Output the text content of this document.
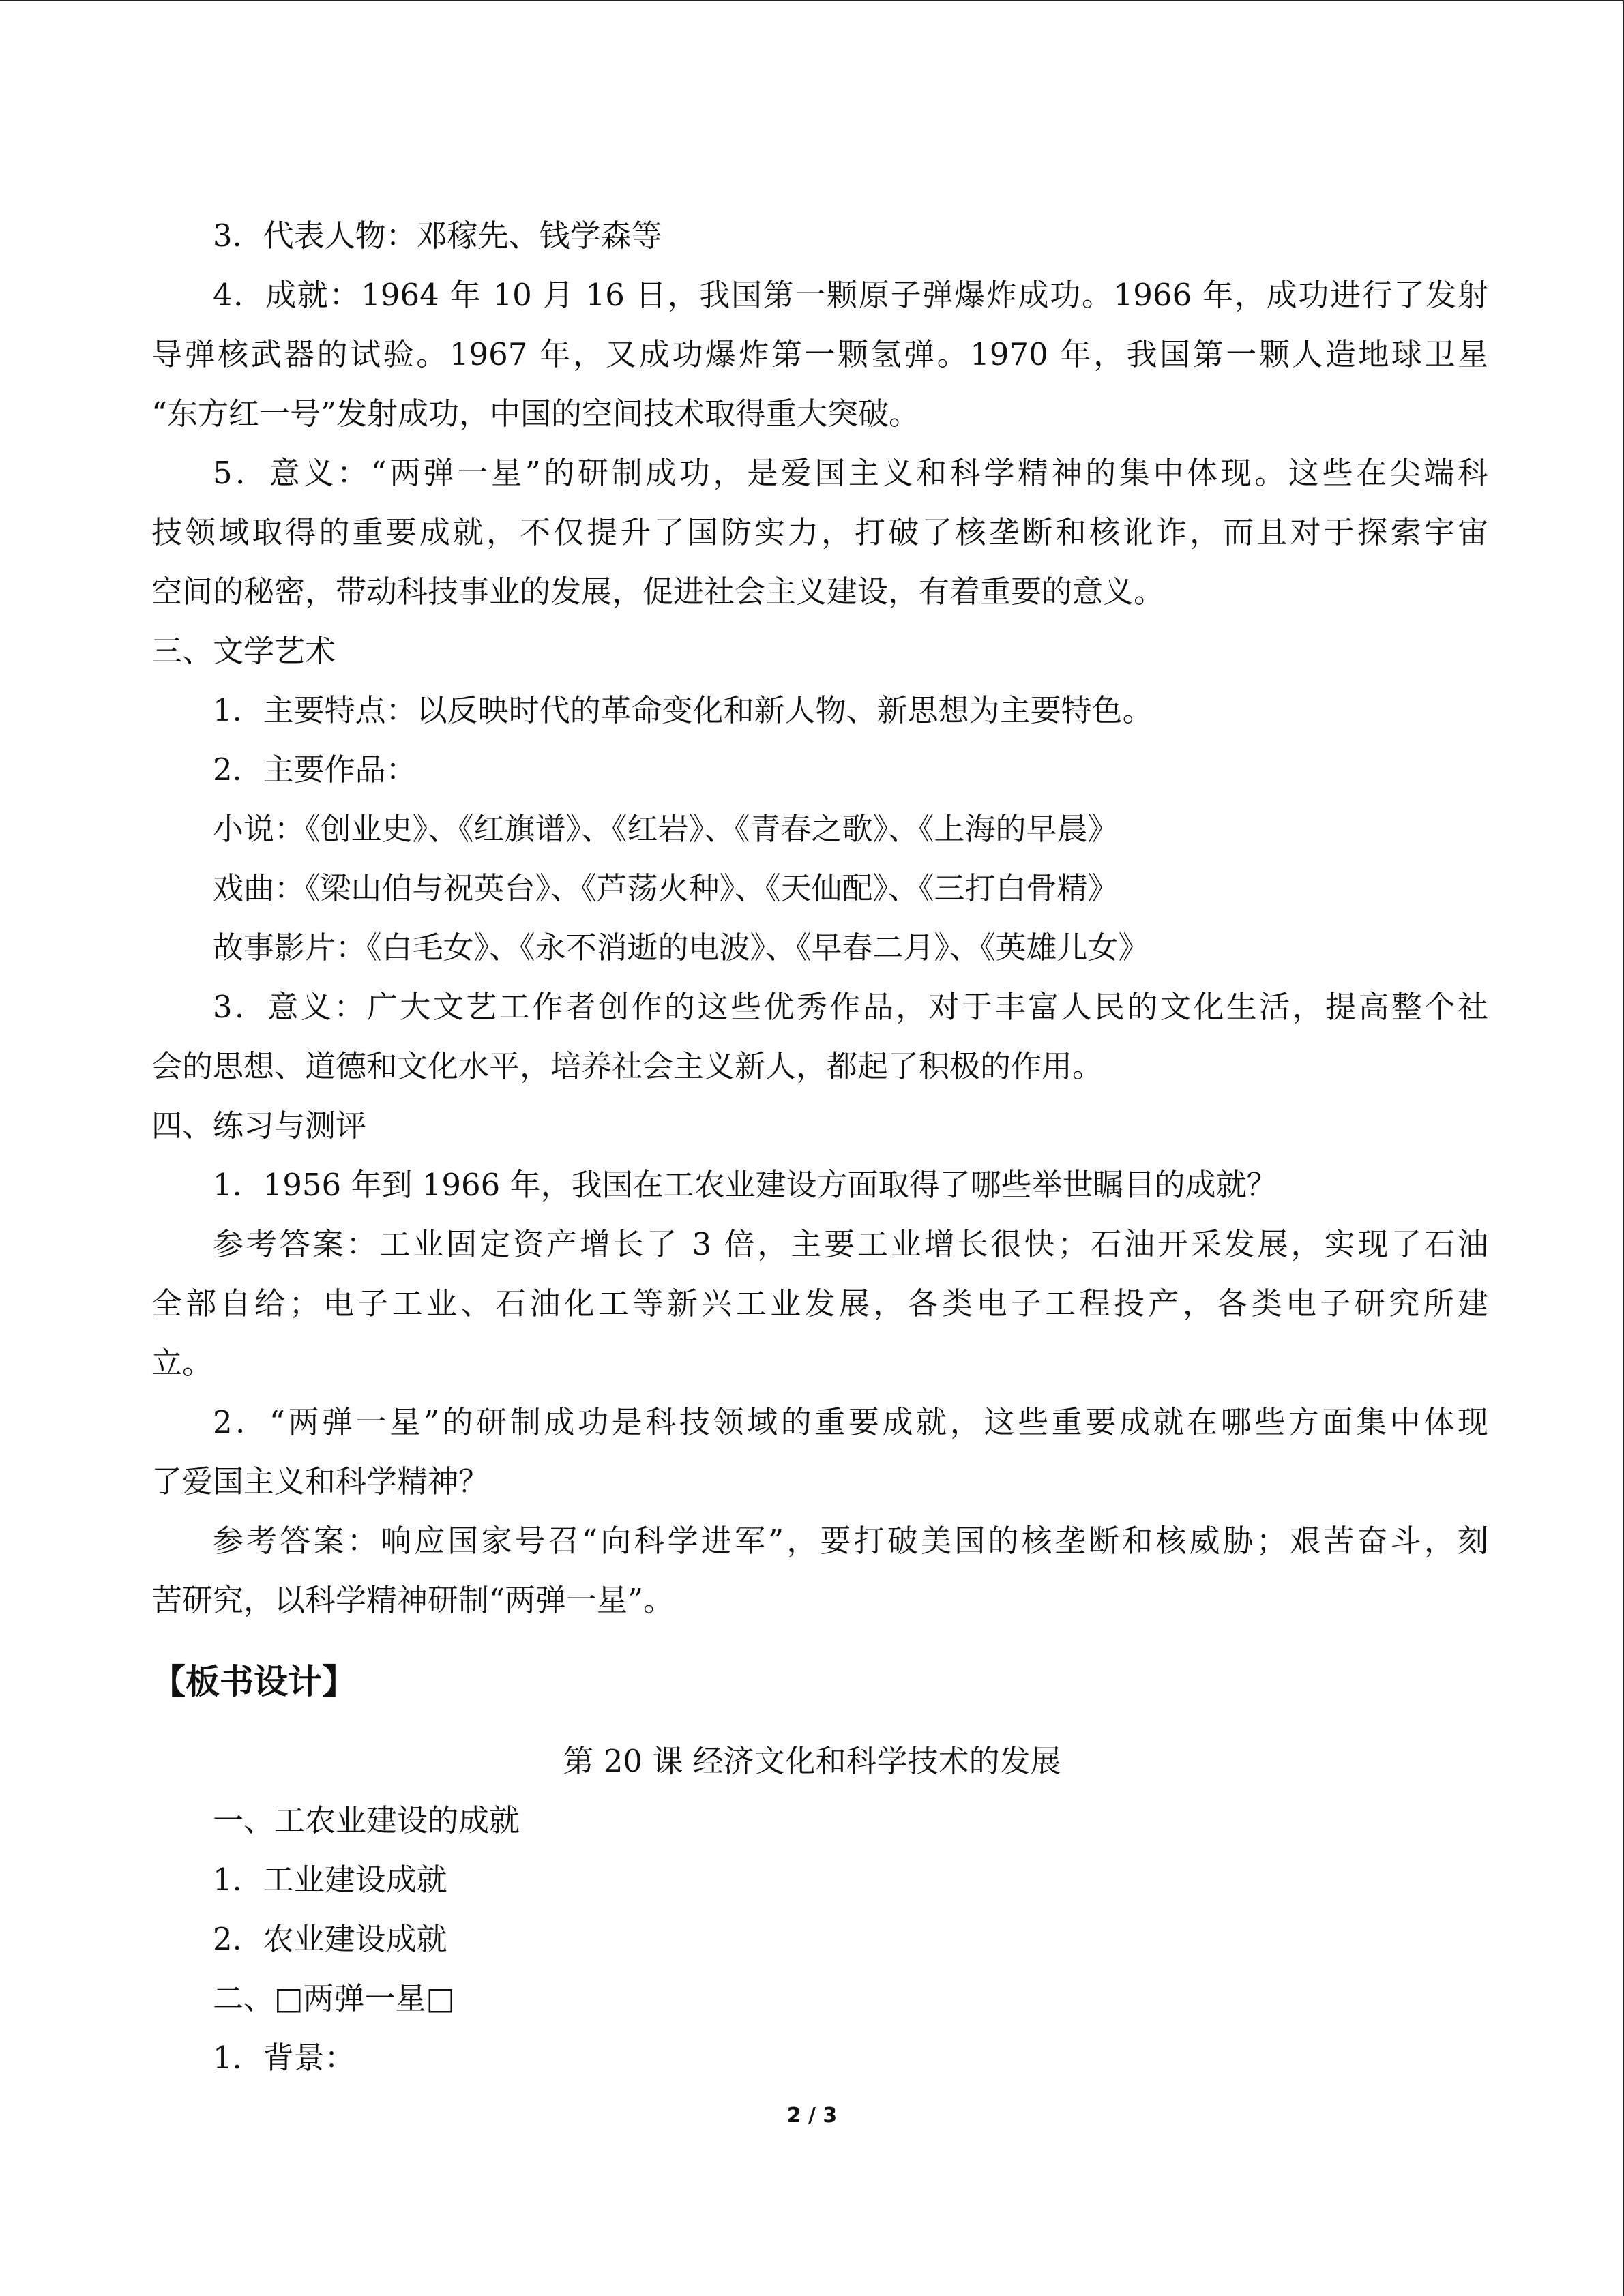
3．代表人物：邓稼先、钱学森等
4．成就：1964 年 10 月 16 日，我国第一颗原子弹爆炸成功。1966 年，成功进行了发射
导弹核武器的试验。1967 年，又成功爆炸第一颗氢弹。1970 年，我国第一颗人造地球卫星
“东方红一号”发射成功，中国的空间技术取得重大突破。
5．意义：“两弹一星”的研制成功，是爱国主义和科学精神的集中体现。这些在尖端科
技领域取得的重要成就，不仅提升了国防实力，打破了核垄断和核讹诈，而且对于探索宇宙
空间的秘密，带动科技事业的发展，促进社会主义建设，有着重要的意义。
三、文学艺术
1．主要特点：以反映时代的革命变化和新人物、新思想为主要特色。
2．主要作品：
小说：《创业史》、《红旗谱》、《红岩》、《青春之歌》、《上海的早晨》
戏曲：《梁山伯与祝英台》、《芦荡火种》、《天仙配》、《三打白骨精》
故事影片：《白毛女》、《永不消逝的电波》、《早春二月》、《英雄儿女》
3．意义：广大文艺工作者创作的这些优秀作品，对于丰富人民的文化生活，提高整个社
会的思想、道德和文化水平，培养社会主义新人，都起了积极的作用。
四、练习与测评
1．1956 年到 1966 年，我国在工农业建设方面取得了哪些举世瞩目的成就？
参考答案：工业固定资产增长了 3 倍，主要工业增长很快；石油开采发展，实现了石油
全部自给；电子工业、石油化工等新兴工业发展，各类电子工程投产，各类电子研究所建
立。
2．“两弹一星”的研制成功是科技领域的重要成就，这些重要成就在哪些方面集中体现
了爱国主义和科学精神？
参考答案：响应国家号召“向科学进军”，要打破美国的核垄断和核威胁；艰苦奋斗，刻
苦研究，以科学精神研制“两弹一星”。
【板书设计】
第 20 课 经济文化和科学技术的发展
一、工农业建设的成就
1．工业建设成就
2．农业建设成就
二、□两弹一星□
1．背景：
2 / 3
